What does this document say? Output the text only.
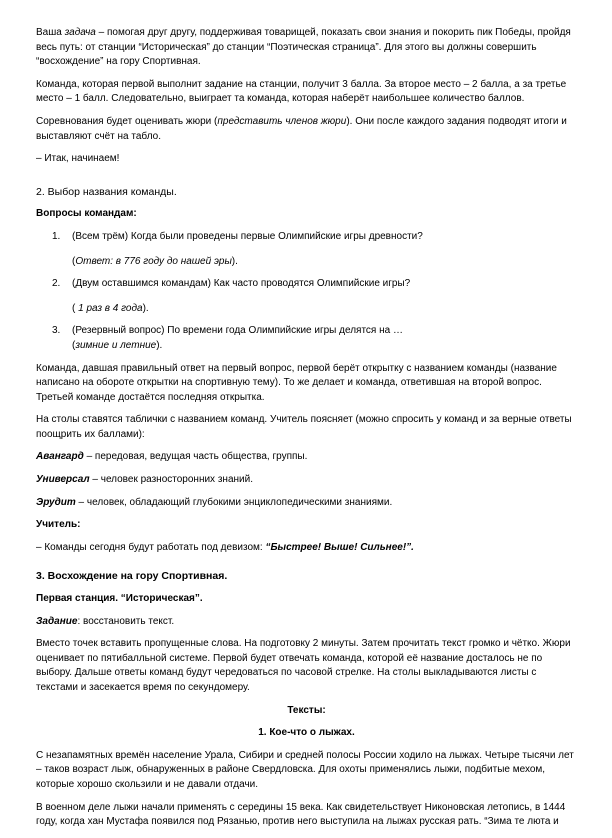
Ваша задача – помогая друг другу, поддерживая товарищей, показать свои знания и покорить пик Победы, пройдя весь путь: от станции “Историческая” до станции “Поэтическая страница”. Для этого вы должны совершить “восхождение” на гору Спортивная.

Команда, которая первой выполнит задание на станции, получит 3 балла. За второе место – 2 балла, а за третье место – 1 балл. Следовательно, выиграет та команда, которая наберёт наибольшее количество баллов.

Соревнования будет оценивать жюри (представить членов жюри). Они после каждого задания подводят итоги и выставляют счёт на табло.

– Итак, начинаем!

2. Выбор названия команды.

Вопросы командам:

1. (Всем трём) Когда были проведены первые Олимпийские игры древности?
(Ответ: в 776 году до нашей эры).
2. (Двум оставшимся командам) Как часто проводятся Олимпийские игры?
( 1 раз в 4 года).
3. (Резервный вопрос) По времени года Олимпийские игры делятся на …
(зимние и летние).

Команда, давшая правильный ответ на первый вопрос, первой берёт открытку с названием команды (название написано на обороте открытки на спортивную тему). То же делает и команда, ответившая на второй вопрос. Третьей команде достаётся последняя открытка.

На столы ставятся таблички с названием команд. Учитель поясняет (можно спросить у команд и за верные ответы поощрить их баллами):

Авангард – передовая, ведущая часть общества, группы.

Универсал – человек разносторонних знаний.

Эрудит – человек, обладающий глубокими энциклопедическими знаниями.

Учитель:

– Команды сегодня будут работать под девизом: “Быстрее! Выше! Сильнее!”.

3. Восхождение на гору Спортивная.

Первая станция. “Историческая”.

Задание: восстановить текст.

Вместо точек вставить пропущенные слова. На подготовку 2 минуты. Затем прочитать текст громко и чётко. Жюри оценивает по пятибалльной системе. Первой будет отвечать команда, которой её название досталось не по выбору. Дальше ответы команд будут чередоваться по часовой стрелке. На столы выкладываются листы с текстами и засекается время по секундомеру.

Тексты:

1. Кое-что о лыжах.

С незапамятных времён население Урала, Сибири и средней полосы России ходило на лыжах. Четыре тысячи лет – таков возраст лыж, обнаруженных в районе Свердловска. Для охоты применялись лыжи, подбитые мехом, которые хорошо скользили и не давали отдачи.

В военном деле лыжи начали применять с середины 15 века. Как свидетельствует Никоновская летопись, в 1444 году, когда хан Мустафа появился под Рязанью, против него выступила на лыжах русская рать. “Зима те люта и
